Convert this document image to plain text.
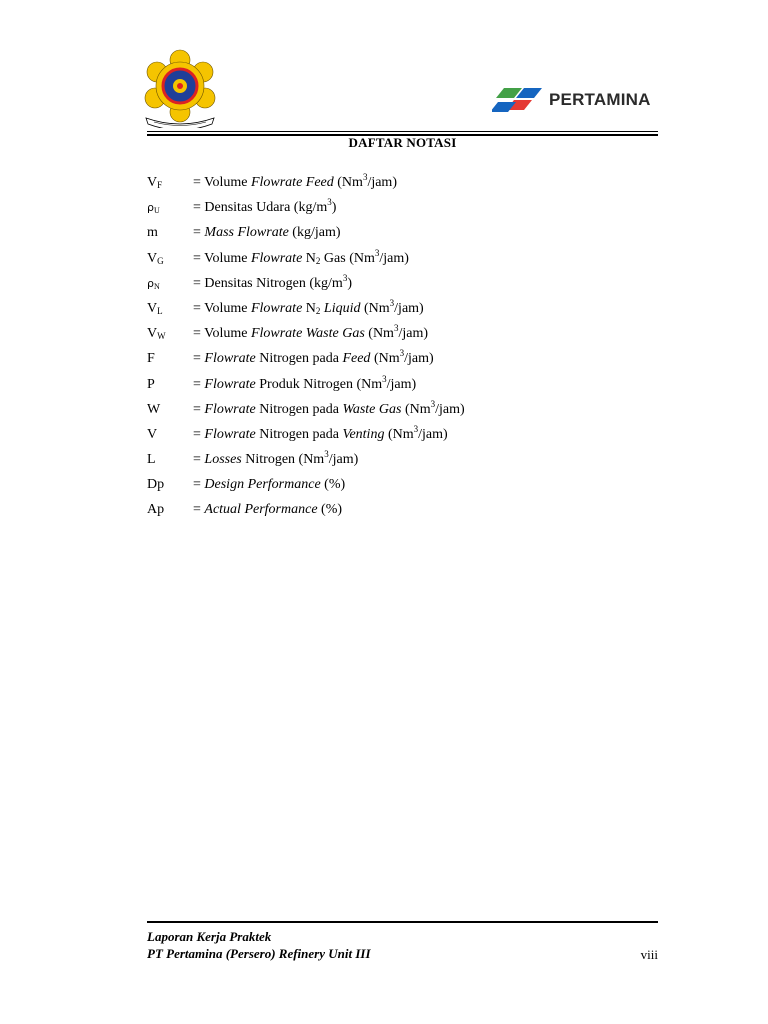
PERTAMINA
DAFTAR NOTASI
$V_F$ = Volume Flowrate Feed (Nm$^3$/jam)
$\rho_U$ = Densitas Udara $(kg/m^3)$
m	= Mass Flowrate (kg/jam)
$V_G$ = Volume Flowrate $N_2$ Gas (Nm$^3$/jam)
$\rho_N$ = Densitas Nitrogen $(kg/m^3)$
$V_L$ = Volume Flowrate $N_2$ Liquid (Nm$^3$/jam)
$V_W$ = Volume Flowrate Waste Gas (Nm$^3$/jam)
F	= Flowrate Nitrogen pada Feed (Nm$^3$/jam)
P	= Flowrate Produk Nitrogen (Nm$^3$/jam)
W = Flowrate Nitrogen pada Waste Gas (Nm$^3$/jam)
V	= Flowrate Nitrogen pada Venting (Nm$^3$/jam)
L	= Losses Nitrogen (Nm$^3$/jam)
Dp = Design Performance (%)
Ap = Actual Performance (%)
Laporan Kerja Praktek
PT Pertamina (Persero) Refinery Unit III	viii
